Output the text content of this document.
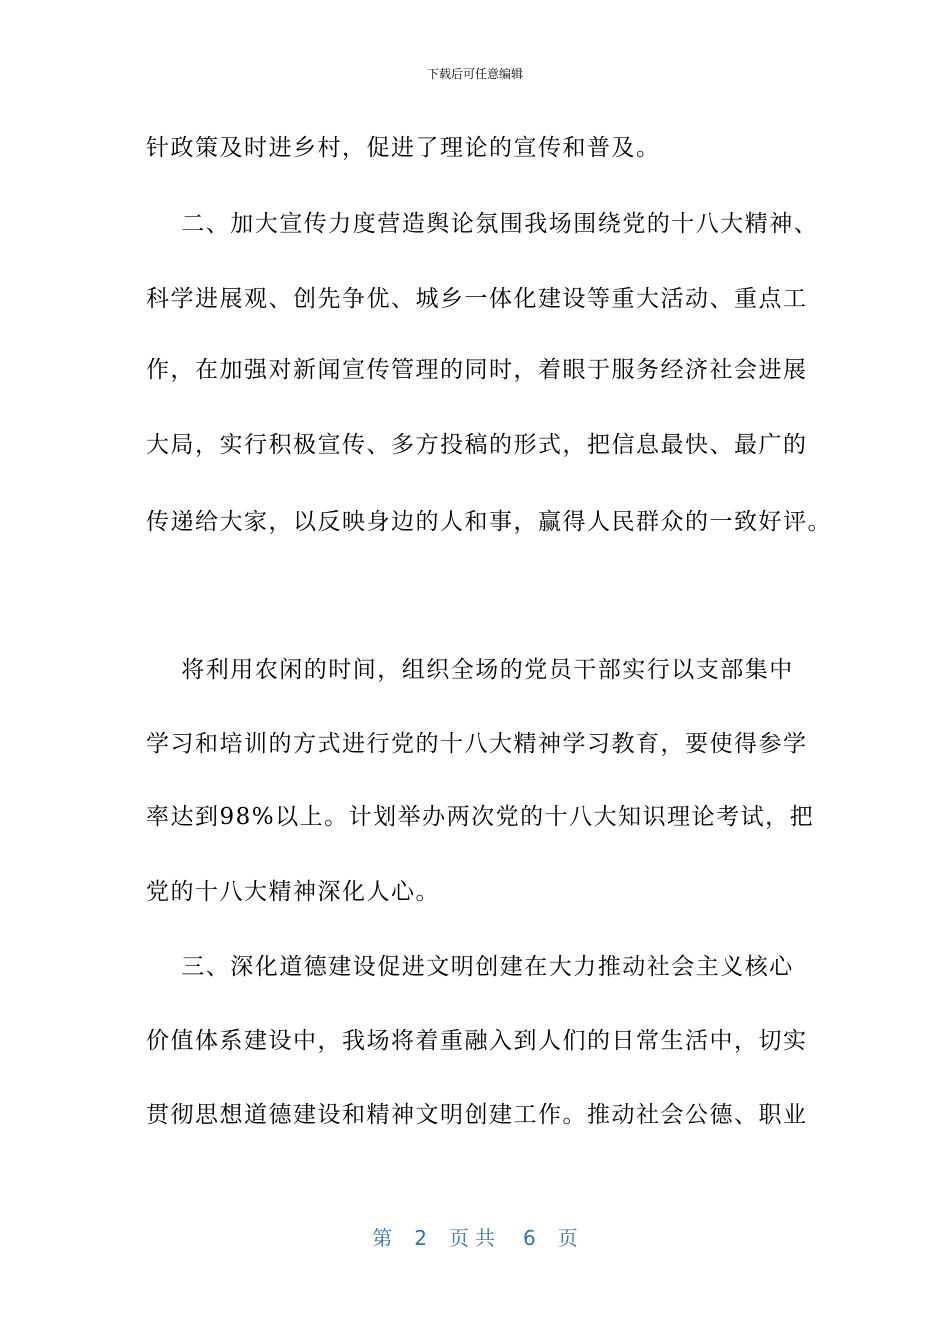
下载后可任意编辑
针政策及时进乡村，促进了理论的宣传和普及。
二、加大宣传力度营造舆论氛围我场围绕党的十八大精神、
科学进展观、创先争优、城乡一体化建设等重大活动、重点工
作，在加强对新闻宣传管理的同时，着眼于服务经济社会进展
大局，实行积极宣传、多方投稿的形式，把信息最快、最广的
传递给大家，以反映身边的人和事，赢得人民群众的一致好评。
将利用农闲的时间，组织全场的党员干部实行以支部集中
学习和培训的方式进行党的十八大精神学习教育，要使得参学
率达到98%以上。计划举办两次党的十八大知识理论考试，把
党的十八大精神深化人心。
三、深化道德建设促进文明创建在大力推动社会主义核心
价值体系建设中，我场将着重融入到人们的日常生活中，切实
贯彻思想道德建设和精神文明创建工作。推动社会公德、职业
第 2 页共 6 页
